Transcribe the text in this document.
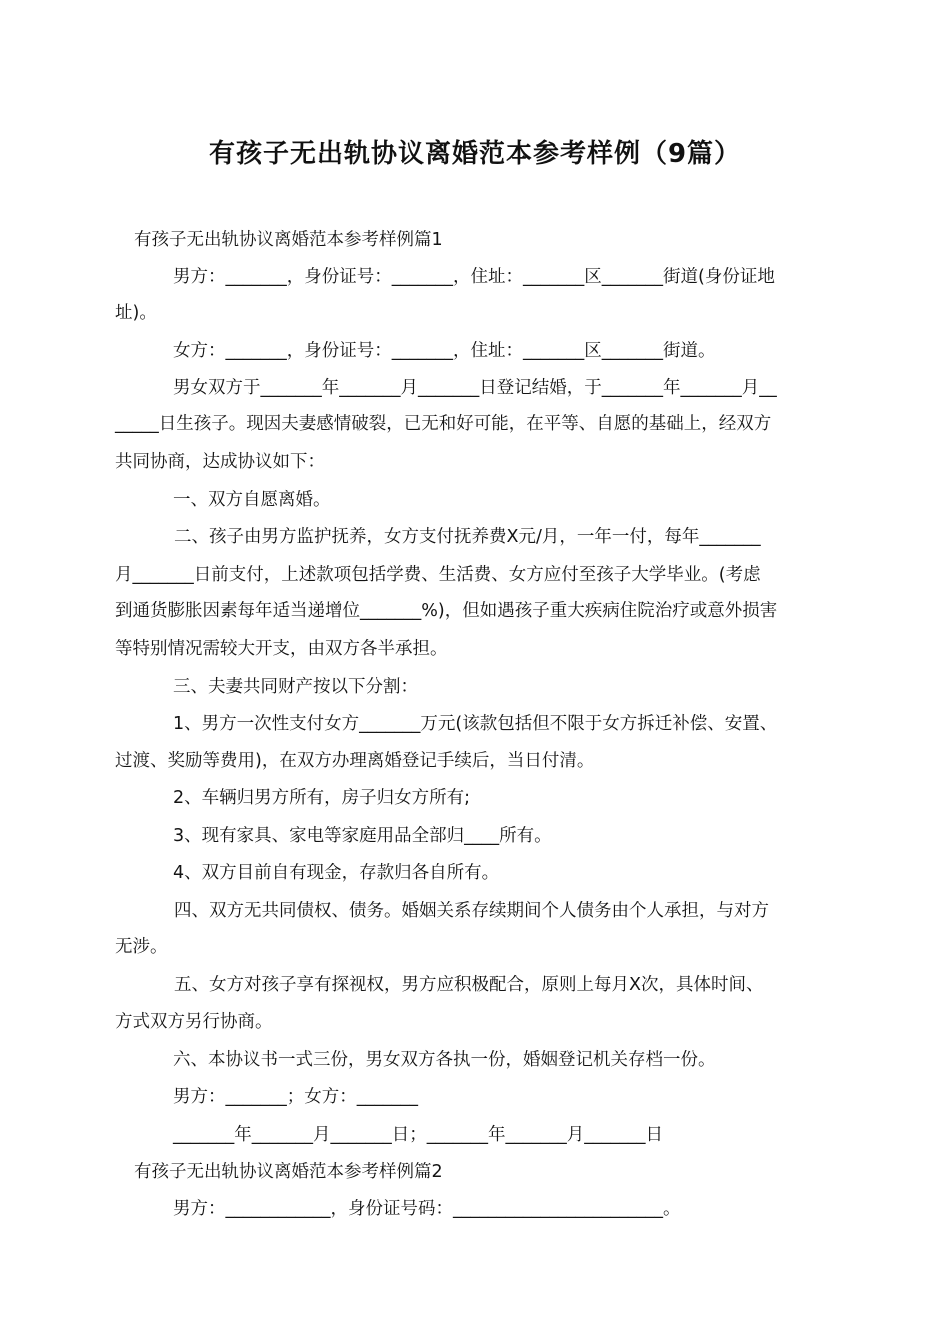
有孩子无出轨协议离婚范本参考样例（9篇）

有孩子无出轨协议离婚范本参考样例篇1

男方：_______，身份证号：_______，住址：_______区_______街道(身份证地

址)。

女方：_______，身份证号：_______，住址：_______区_______街道。

男女双方于_______年_______月_______日登记结婚，于_______年_______月__

_____日生孩子。现因夫妻感情破裂，已无和好可能，在平等、自愿的基础上，经双方

共同协商，达成协议如下：

一、双方自愿离婚。

二、孩子由男方监护抚养，女方支付抚养费X元/月，一年一付，每年_______

月_______日前支付，上述款项包括学费、生活费、女方应付至孩子大学毕业。(考虑

到通货膨胀因素每年适当递增位_______%)，但如遇孩子重大疾病住院治疗或意外损害

等特别情况需较大开支，由双方各半承担。

三、夫妻共同财产按以下分割：

1、男方一次性支付女方_______万元(该款包括但不限于女方拆迁补偿、安置、

过渡、奖励等费用)，在双方办理离婚登记手续后，当日付清。

2、车辆归男方所有，房子归女方所有;

3、现有家具、家电等家庭用品全部归____所有。

4、双方目前自有现金，存款归各自所有。

四、双方无共同债权、债务。婚姻关系存续期间个人债务由个人承担，与对方

无涉。

五、女方对孩子享有探视权，男方应积极配合，原则上每月X次，具体时间、

方式双方另行协商。

六、本协议书一式三份，男女双方各执一份，婚姻登记机关存档一份。

男方：_______；女方：_______

_______年_______月_______日；_______年_______月_______日

有孩子无出轨协议离婚范本参考样例篇2

男方：____________，身份证号码：________________________。
